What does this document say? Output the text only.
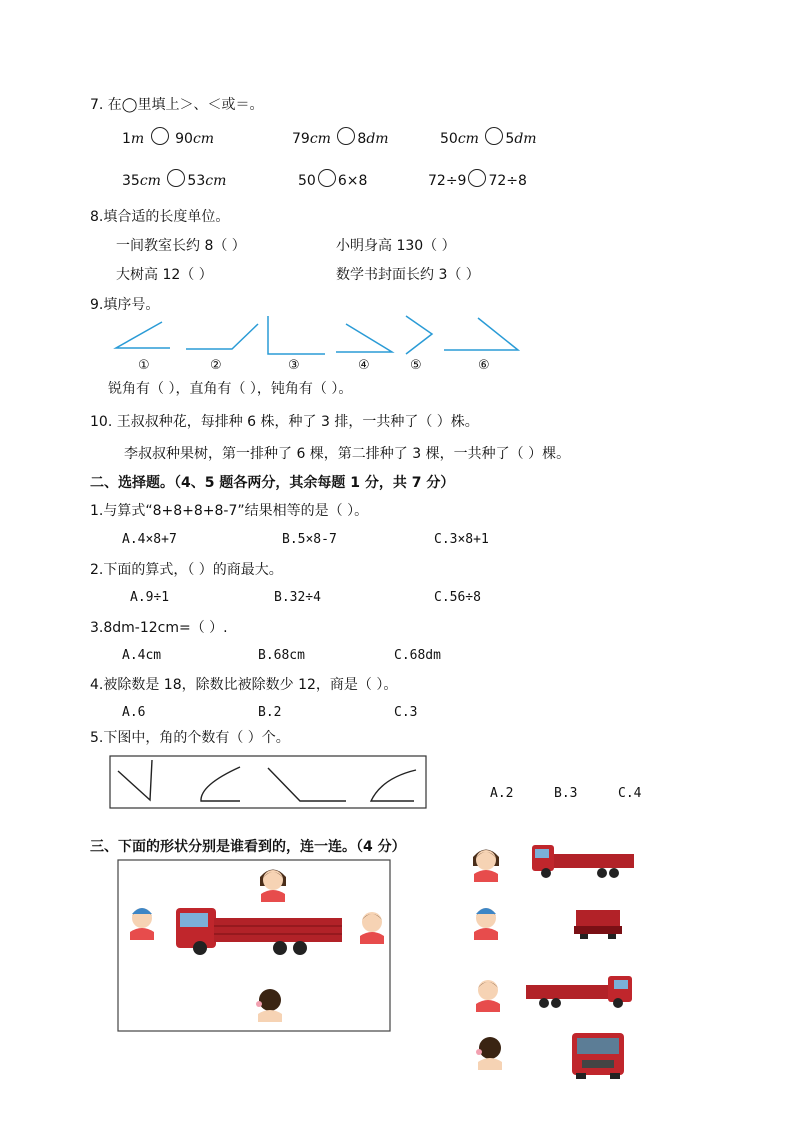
7. 在◯里填上＞、＜或＝。
1m 90cm	79cm 8dm	50cm 5dm
35cm 53cm	50 6×8	72÷9 72÷8
8.填合适的长度单位。
一间教室长约 8（ ）	小明身高 130（ ）
大树高 12（ ）	数学书封面长约 3（ ）
9.填序号。
①	②	③	④	⑤	⑥
锐角有（ ），直角有（ ），钝角有（ ）。
10. 王叔叔种花，每排种 6 株，种了 3 排，一共种了（ ）株。
李叔叔种果树，第一排种了 6 棵，第二排种了 3 棵，一共种了（ ）棵。
二、选择题。（4、5 题各两分，其余每题 1 分，共 7 分）
1.与算式“8+8+8+8-7”结果相等的是（ ）。
A.4×8+7	B.5×8-7	C.3×8+1
2.下面的算式，（ ）的商最大。
A.9÷1	B.32÷4	C.56÷8
3.8dm-12cm=（ ）.
A.4cm	B.68cm	C.68dm
4.被除数是 18，除数比被除数少 12，商是（ ）。
A.6	B.2	C.3
5.下图中，角的个数有（ ）个。
A.2	B.3	C.4
三、下面的形状分别是谁看到的，连一连。（4 分）
